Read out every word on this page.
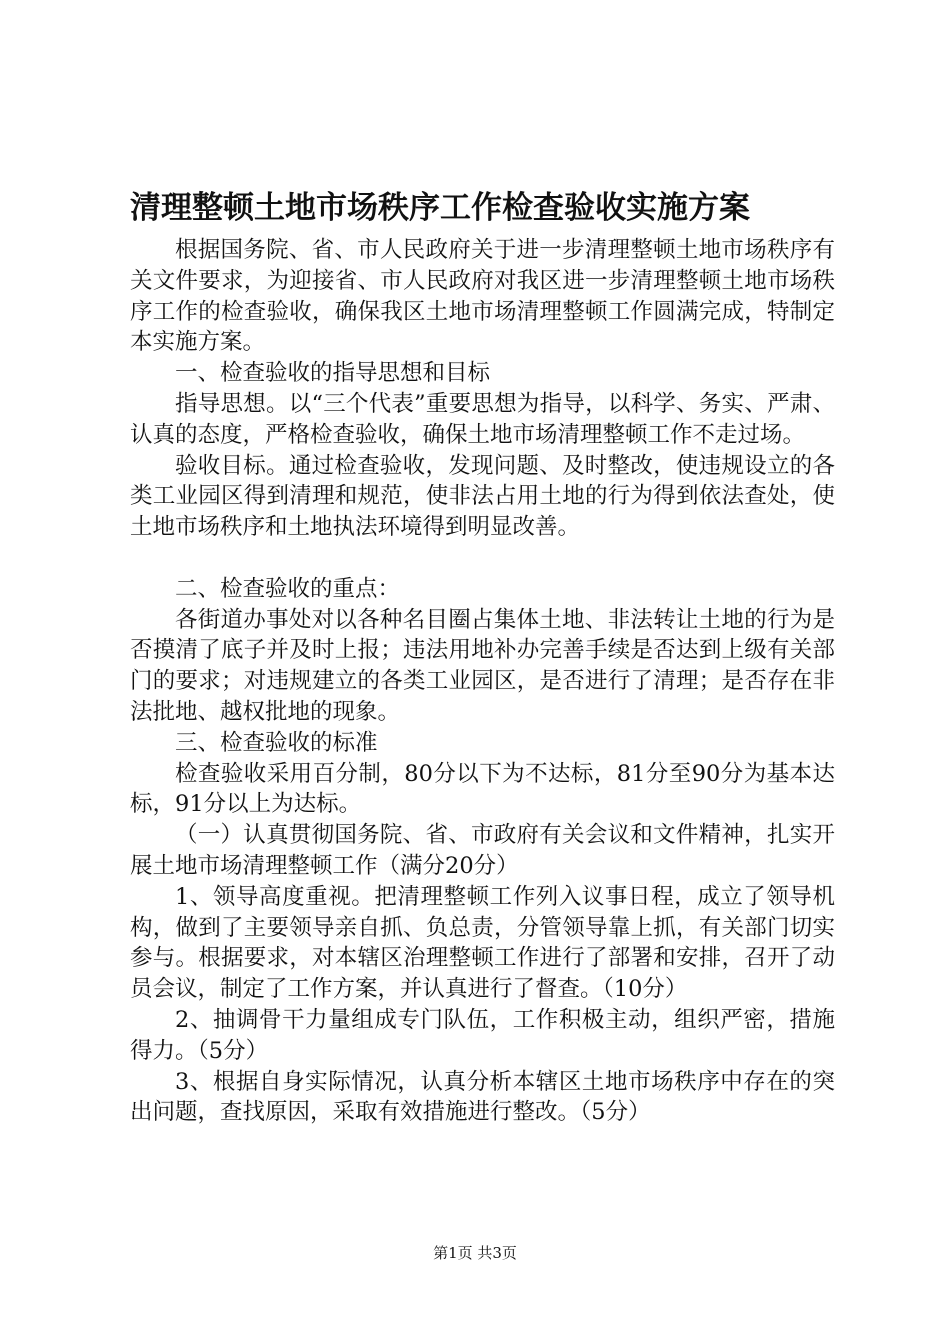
清理整顿土地市场秩序工作检查验收实施方案

根据国务院、省、市人民政府关于进一步清理整顿土地市场秩序有关文件要求，为迎接省、市人民政府对我区进一步清理整顿土地市场秩序工作的检查验收，确保我区土地市场清理整顿工作圆满完成，特制定本实施方案。

一、检查验收的指导思想和目标

指导思想。以“三个代表”重要思想为指导，以科学、务实、严肃、认真的态度，严格检查验收，确保土地市场清理整顿工作不走过场。

验收目标。通过检查验收，发现问题、及时整改，使违规设立的各类工业园区得到清理和规范，使非法占用土地的行为得到依法查处，使土地市场秩序和土地执法环境得到明显改善。

二、检查验收的重点：

各街道办事处对以各种名目圈占集体土地、非法转让土地的行为是否摸清了底子并及时上报；违法用地补办完善手续是否达到上级有关部门的要求；对违规建立的各类工业园区，是否进行了清理；是否存在非法批地、越权批地的现象。

三、检查验收的标准

检查验收采用百分制，80分以下为不达标，81分至90分为基本达标，91分以上为达标。

（一）认真贯彻国务院、省、市政府有关会议和文件精神，扎实开展土地市场清理整顿工作（满分20分）

1、领导高度重视。把清理整顿工作列入议事日程，成立了领导机构，做到了主要领导亲自抓、负总责，分管领导靠上抓，有关部门切实参与。根据要求，对本辖区治理整顿工作进行了部署和安排，召开了动员会议，制定了工作方案，并认真进行了督查。（10分）

2、抽调骨干力量组成专门队伍，工作积极主动，组织严密，措施得力。（5分）

3、根据自身实际情况，认真分析本辖区土地市场秩序中存在的突出问题，查找原因，采取有效措施进行整改。（5分）

第1页 共3页
